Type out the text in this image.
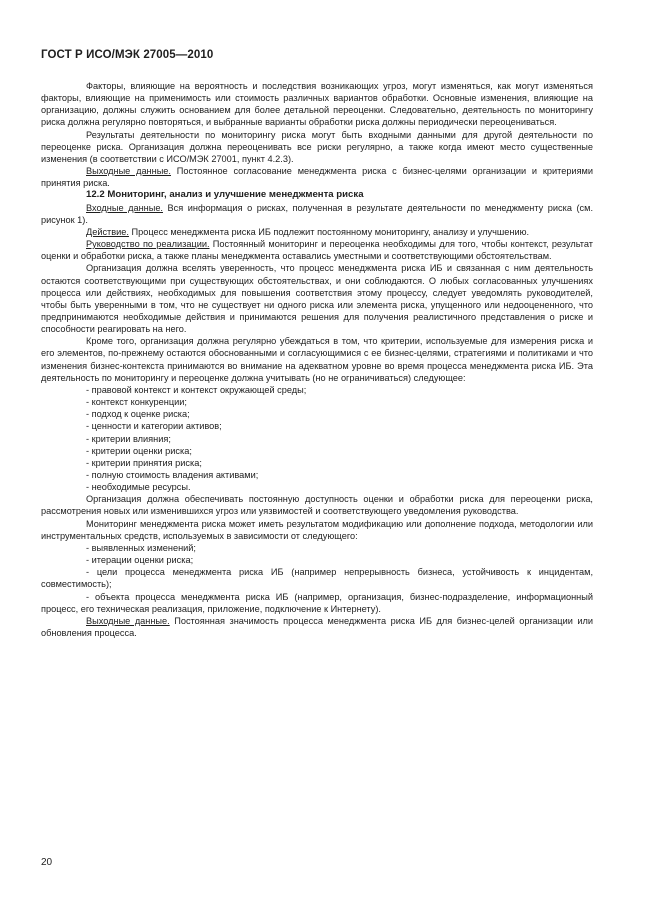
ГОСТ Р ИСО/МЭК 27005—2010

Факторы, влияющие на вероятность и последствия возникающих угроз, могут изменяться, как могут изменяться факторы, влияющие на применимость или стоимость различных вариантов обработки. Основные изменения, влияющие на организацию, должны служить основанием для более детальной переоценки. Следовательно, деятельность по мониторингу риска должна регулярно повторяться, и выбранные варианты обработки риска должны периодически переоцениваться.

Результаты деятельности по мониторингу риска могут быть входными данными для другой деятельности по переоценке риска. Организация должна переоценивать все риски регулярно, а также когда имеют место существенные изменения (в соответствии с ИСО/МЭК 27001, пункт 4.2.3).

Выходные данные. Постоянное согласование менеджмента риска с бизнес-целями организации и критериями принятия риска.

12.2 Мониторинг, анализ и улучшение менеджмента риска

Входные данные. Вся информация о рисках, полученная в результате деятельности по менеджменту риска (см. рисунок 1).

Действие. Процесс менеджмента риска ИБ подлежит постоянному мониторингу, анализу и улучшению.

Руководство по реализации. Постоянный мониторинг и переоценка необходимы для того, чтобы контекст, результат оценки и обработки риска, а также планы менеджмента оставались уместными и соответствующими обстоятельствам.

Организация должна вселять уверенность, что процесс менеджмента риска ИБ и связанная с ним деятельность остаются соответствующими при существующих обстоятельствах, и они соблюдаются. О любых согласованных улучшениях процесса или действиях, необходимых для повышения соответствия этому процессу, следует уведомлять руководителей, чтобы быть уверенными в том, что не существует ни одного риска или элемента риска, упущенного или недооцененного, что предпринимаются необходимые действия и принимаются решения для получения реалистичного представления о риске и способности реагировать на него.

Кроме того, организация должна регулярно убеждаться в том, что критерии, используемые для измерения риска и его элементов, по-прежнему остаются обоснованными и согласующимися с ее бизнес-целями, стратегиями и политиками и что изменения бизнес-контекста принимаются во внимание на адекватном уровне во время процесса менеджмента риска ИБ. Эта деятельность по мониторингу и переоценке должна учитывать (но не ограничиваться) следующее:

- правовой контекст и контекст окружающей среды;

- контекст конкуренции;

- подход к оценке риска;

- ценности и категории активов;

- критерии влияния;

- критерии оценки риска;

- критерии принятия риска;

- полную стоимость владения активами;

- необходимые ресурсы.

Организация должна обеспечивать постоянную доступность оценки и обработки риска для переоценки риска, рассмотрения новых или изменившихся угроз или уязвимостей и соответствующего уведомления руководства.

Мониторинг менеджмента риска может иметь результатом модификацию или дополнение подхода, методологии или инструментальных средств, используемых в зависимости от следующего:

- выявленных изменений;

- итерации оценки риска;

- цели процесса менеджмента риска ИБ (например непрерывность бизнеса, устойчивость к инцидентам, совместимость);

- объекта процесса менеджмента риска ИБ (например, организация, бизнес-подразделение, информационный процесс, его техническая реализация, приложение, подключение к Интернету).

Выходные данные. Постоянная значимость процесса менеджмента риска ИБ для бизнес-целей организации или обновления процесса.

20
